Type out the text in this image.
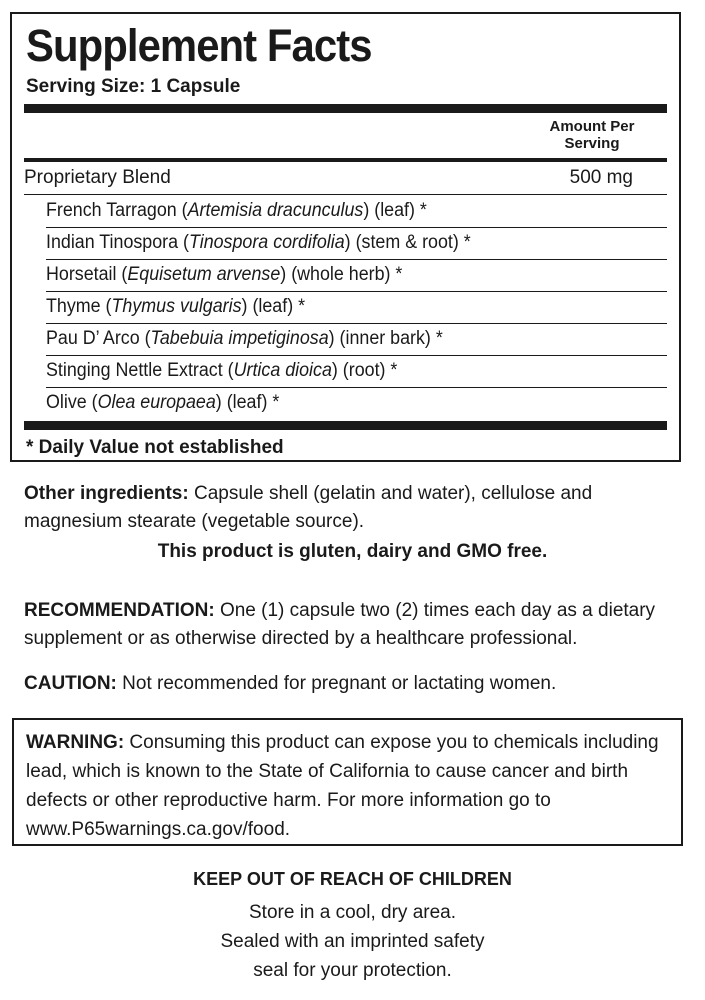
Supplement Facts
Serving Size: 1 Capsule
Amount Per
Serving
Proprietary Blend	500 mg
French Tarragon (Artemisia dracunculus) (leaf) *
Indian Tinospora (Tinospora cordifolia) (stem & root) *
Horsetail (Equisetum arvense) (whole herb) *
Thyme (Thymus vulgaris) (leaf) *
Pau D’ Arco (Tabebuia impetiginosa) (inner bark) *
Stinging Nettle Extract (Urtica dioica) (root) *
Olive (Olea europaea) (leaf) *
* Daily Value not established
Other ingredients: Capsule shell (gelatin and water), cellulose and magnesium stearate (vegetable source).
This product is gluten, dairy and GMO free.
RECOMMENDATION: One (1) capsule two (2) times each day as a dietary supplement or as otherwise directed by a healthcare professional.
CAUTION: Not recommended for pregnant or lactating women.
WARNING: Consuming this product can expose you to chemicals including lead, which is known to the State of California to cause cancer and birth defects or other reproductive harm. For more information go to www.P65warnings.ca.gov/food.
KEEP OUT OF REACH OF CHILDREN
Store in a cool, dry area.
Sealed with an imprinted safety
seal for your protection.
